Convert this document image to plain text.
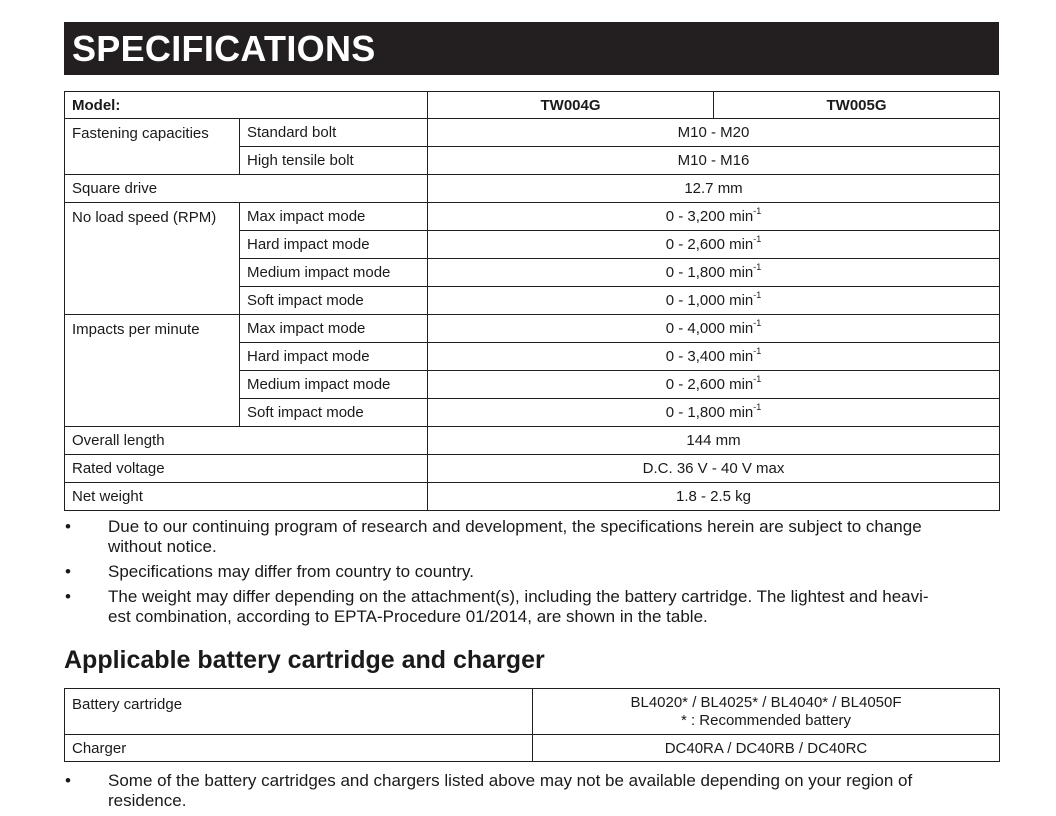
SPECIFICATIONS
Model:		TW004G	TW005G
Fastening capacities	Standard bolt	M10 - M20	
	High tensile bolt	M10 - M16	
Square drive		12.7 mm	
No load speed (RPM)	Max impact mode	0 - 3,200 $\min^{-1}$
	Hard impact mode	0 - 2,600 $\min^{-1}$
	Medium impact mode	0 - 1,800 $\min^{-1}$
	Soft impact mode	0 - 1,000 $\min^{-1}$
Impacts per minute	Max impact mode	0 - 4,000 $\min^{-1}$
	Hard impact mode	0 - 3,400 $\min^{-1}$
	Medium impact mode	0 - 2,600 $\min^{-1}$
	Soft impact mode	0 - 1,800 $\min^{-1}$
Overall length		144 mm	
Rated voltage		D.C. 36 V - 40 V max	
Net weight		1.8 - 2.5 kg	
• Due to our continuing program of research and development, the specifications herein are subject to change
without notice.
• Specifications may differ from country to country.
• The weight may differ depending on the attachment(s), including the battery cartridge. The lightest and heavi-
est combination, according to EPTA-Procedure 01/2014, are shown in the table.
Applicable battery cartridge and charger
Battery cartridge	BL4020* / BL4025* / BL4040* / BL4050F
* : Recommended battery

Charger	DC40RA / DC40RB / DC40RC
• Some of the battery cartridges and chargers listed above may not be available depending on your region of
residence.
